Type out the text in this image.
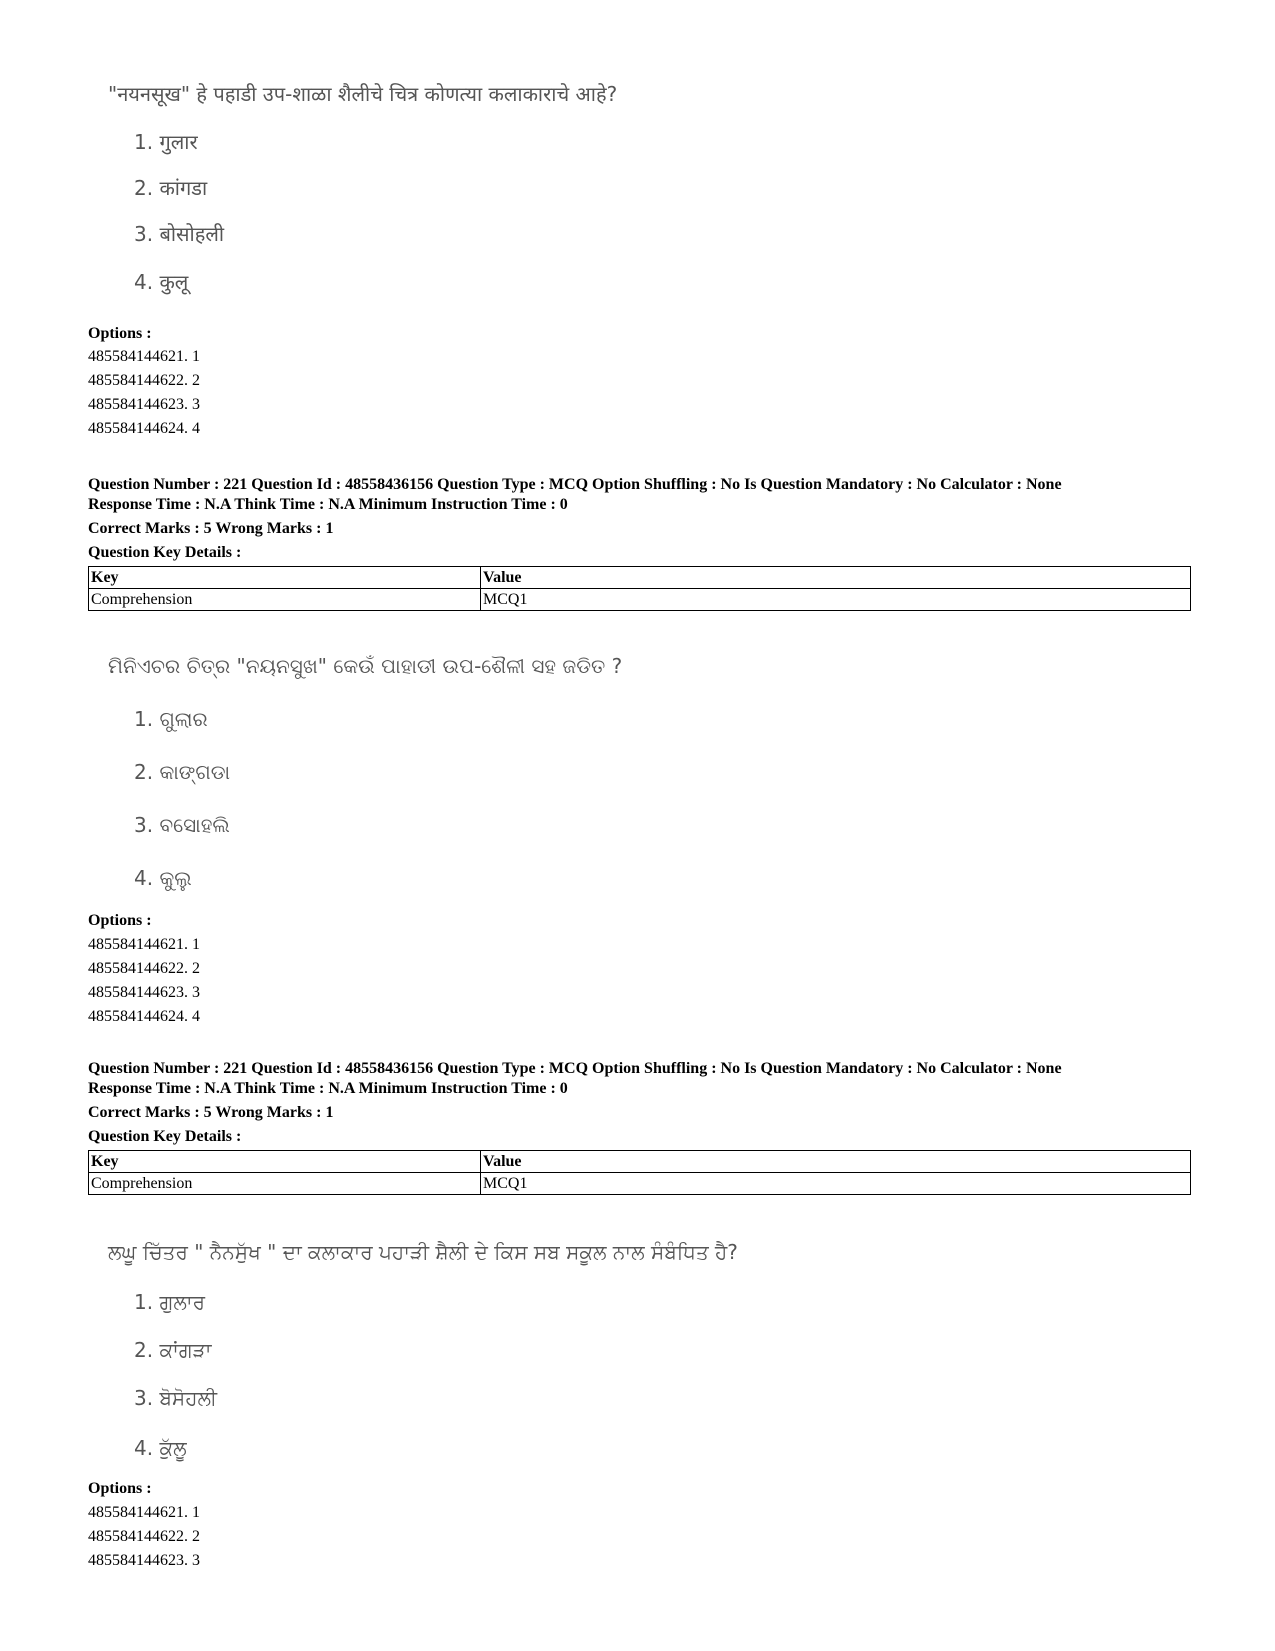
"नयनसूख" हे पहाडी उप-शाळा शैलीचे चित्र कोणत्या कलाकाराचे आहे?
1. गुलार
2. कांगडा
3. बोसोहली
4. कुलू
Options :
485584144621. 1
485584144622. 2
485584144623. 3
485584144624. 4
Question Number : 221 Question Id : 48558436156 Question Type : MCQ Option Shuffling : No Is Question Mandatory : No Calculator : None
Response Time : N.A Think Time : N.A Minimum Instruction Time : 0
Correct Marks : 5 Wrong Marks : 1
Question Key Details :
Key	Value
Comprehension	MCQ1
ମିନିଏଚର ଚିତ୍ର "ନୟନସୁଖ" କେଉଁ ପାହାଡୀ ଉପ-ଶୈଳୀ ସହ ଜଡିତ ?
1. ଗୁଲାର
2. କାଙ୍ଗଡା
3. ବସୋହଲି
4. କୁଲୁ
Options :
485584144621. 1
485584144622. 2
485584144623. 3
485584144624. 4
Question Number : 221 Question Id : 48558436156 Question Type : MCQ Option Shuffling : No Is Question Mandatory : No Calculator : None
Response Time : N.A Think Time : N.A Minimum Instruction Time : 0
Correct Marks : 5 Wrong Marks : 1
Question Key Details :
Key	Value
Comprehension	MCQ1
ਲਘੂ ਚਿੱਤਰ " ਨੈਨਸੁੱਖ " ਦਾ ਕਲਾਕਾਰ ਪਹਾੜੀ ਸ਼ੈਲੀ ਦੇ ਕਿਸ ਸਬ ਸਕੂਲ ਨਾਲ ਸੰਬੰਧਿਤ ਹੈ?
1. ਗੁਲਾਰ
2. ਕਾਂਗੜਾ
3. ਬੋਸੋਹਲੀ
4. ਕੁੱਲੂ
Options :
485584144621. 1
485584144622. 2
485584144623. 3
